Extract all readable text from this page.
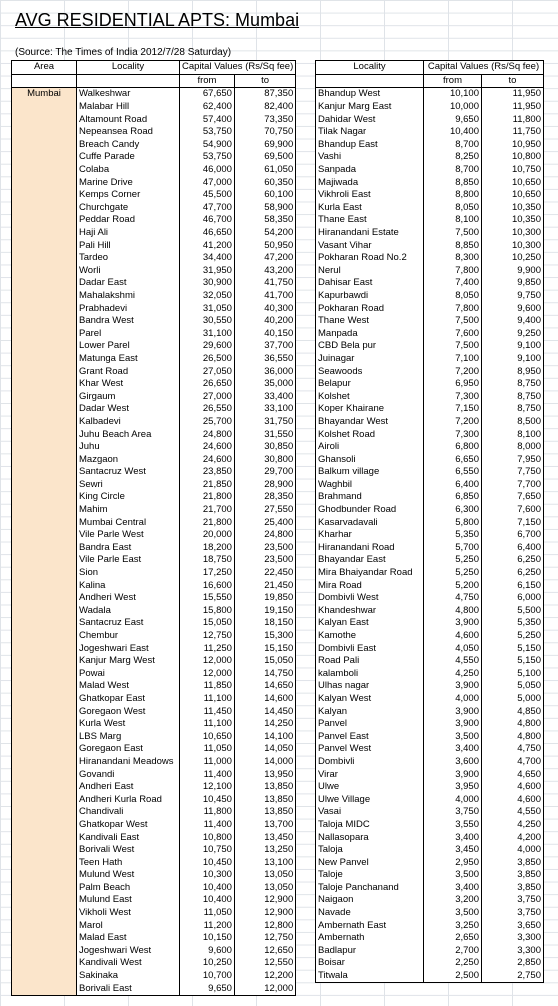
AVG RESIDENTIAL APTS: Mumbai
(Source: The Times of India 2012/7/28 Saturday)
Area	Locality	Capital Values (Rs/Sq fee)	
		from	to
Mumbai	Walkeshwar	67,650	87,350
	Malabar Hill	62,400	82,400
	Altamount Road	57,400	73,350
	Nepeansea Road	53,750	70,750
	Breach Candy	54,900	69,900
	Cuffe Parade	53,750	69,500
	Colaba	46,000	61,050
	Marine Drive	47,000	60,350
	Kemps Corner	45,500	60,100
	Churchgate	47,700	58,900
	Peddar Road	46,700	58,350
	Haji Ali	46,650	54,200
	Pali Hill	41,200	50,950
	Tardeo	34,400	47,200
	Worli	31,950	43,200
	Dadar East	30,900	41,750
	Mahalakshmi	32,050	41,700
	Prabhadevi	31,050	40,300
	Bandra West	30,550	40,200
	Parel	31,100	40,150
	Lower Parel	29,600	37,700
	Matunga East	26,500	36,550
	Grant Road	27,050	36,000
	Khar West	26,650	35,000
	Girgaum	27,000	33,400
	Dadar West	26,550	33,100
	Kalbadevi	25,700	31,750
	Juhu Beach Area	24,800	31,550
	Juhu	24,600	30,850
	Mazgaon	24,600	30,800
	Santacruz West	23,850	29,700
	Sewri	21,850	28,900
	King Circle	21,800	28,350
	Mahim	21,700	27,550
	Mumbai Central	21,800	25,400
	Vile Parle West	20,000	24,800
	Bandra East	18,200	23,500
	Vile Parle East	18,750	23,500
	Sion	17,250	22,450
	Kalina	16,600	21,450
	Andheri West	15,550	19,850
	Wadala	15,800	19,150
	Santacruz East	15,050	18,150
	Chembur	12,750	15,300
	Jogeshwari East	11,250	15,150
	Kanjur Marg West	12,000	15,050
	Powai	12,000	14,750
	Malad West	11,850	14,650
	Ghatkopar East	11,100	14,600
	Goregaon West	11,450	14,450
	Kurla West	11,100	14,250
	LBS Marg	10,650	14,100
	Goregaon East	11,050	14,050
	Hiranandani Meadows	11,000	14,000
	Govandi	11,400	13,950
	Andheri East	12,100	13,850
	Andheri Kurla Road	10,450	13,850
	Chandivali	11,800	13,850
	Ghatkopar West	11,400	13,700
	Kandivali East	10,800	13,450
	Borivali West	10,750	13,250
	Teen Hath	10,450	13,100
	Mulund West	10,300	13,050
	Palm Beach	10,400	13,050
	Mulund East	10,400	12,900
	Vikholi West	11,050	12,900
	Marol	11,200	12,800
	Malad East	10,150	12,750
	Jogeshwari West	9,600	12,650
	Kandivali West	10,250	12,550
	Sakinaka	10,700	12,200
	Borivali East	9,650	12,000
Locality	Capital Values (Rs/Sq fee)	
	from	to
Bhandup West	10,100	11,950
Kanjur Marg East	10,000	11,950
Dahidar West	9,650	11,800
Tilak Nagar	10,400	11,750
Bhandup East	8,700	10,950
Vashi	8,250	10,800
Sanpada	8,700	10,750
Majiwada	8,850	10,650
Vikhroli East	8,800	10,650
Kurla East	8,050	10,350
Thane East	8,100	10,350
Hiranandani Estate	7,500	10,300
Vasant Vihar	8,850	10,300
Pokharan Road No.2	8,300	10,250
Nerul	7,800	9,900
Dahisar East	7,400	9,850
Kapurbawdi	8,050	9,750
Pokharan Road	7,800	9,600
Thane West	7,500	9,400
Manpada	7,600	9,250
CBD Bela pur	7,500	9,100
Juinagar	7,100	9,100
Seawoods	7,200	8,950
Belapur	6,950	8,750
Kolshet	7,300	8,750
Koper Khairane	7,150	8,750
Bhayandar West	7,200	8,500
Kolshet Road	7,300	8,100
Airoli	6,800	8,000
Ghansoli	6,650	7,950
Balkum village	6,550	7,750
Waghbil	6,400	7,700
Brahmand	6,850	7,650
Ghodbunder Road	6,300	7,600
Kasarvadavali	5,800	7,150
Kharhar	5,350	6,700
Hiranandani Road	5,700	6,400
Bhayandar East	5,250	6,250
Mira Bhaiyandar Road	5,250	6,250
Mira Road	5,200	6,150
Dombivli West	4,750	6,000
Khandeshwar	4,800	5,500
Kalyan East	3,900	5,350
Kamothe	4,600	5,250
Dombivli East	4,050	5,150
Road Pali	4,550	5,150
kalamboli	4,250	5,100
Ulhas nagar	3,900	5,050
Kalyan West	4,000	5,000
Kalyan	3,900	4,850
Panvel	3,900	4,800
Panvel East	3,500	4,800
Panvel West	3,400	4,750
Dombivli	3,600	4,700
Virar	3,900	4,650
Ulwe	3,950	4,600
Ulwe Village	4,000	4,600
Vasai	3,750	4,550
Taloja MIDC	3,550	4,250
Nallasopara	3,400	4,200
Taloja	3,450	4,000
New Panvel	2,950	3,850
Taloje	3,500	3,850
Taloje Panchanand	3,400	3,850
Naigaon	3,200	3,750
Navade	3,500	3,750
Ambernath East	3,250	3,650
Ambernath	2,650	3,300
Badlapur	2,700	3,300
Boisar	2,250	2,850
Titwala	2,500	2,750
